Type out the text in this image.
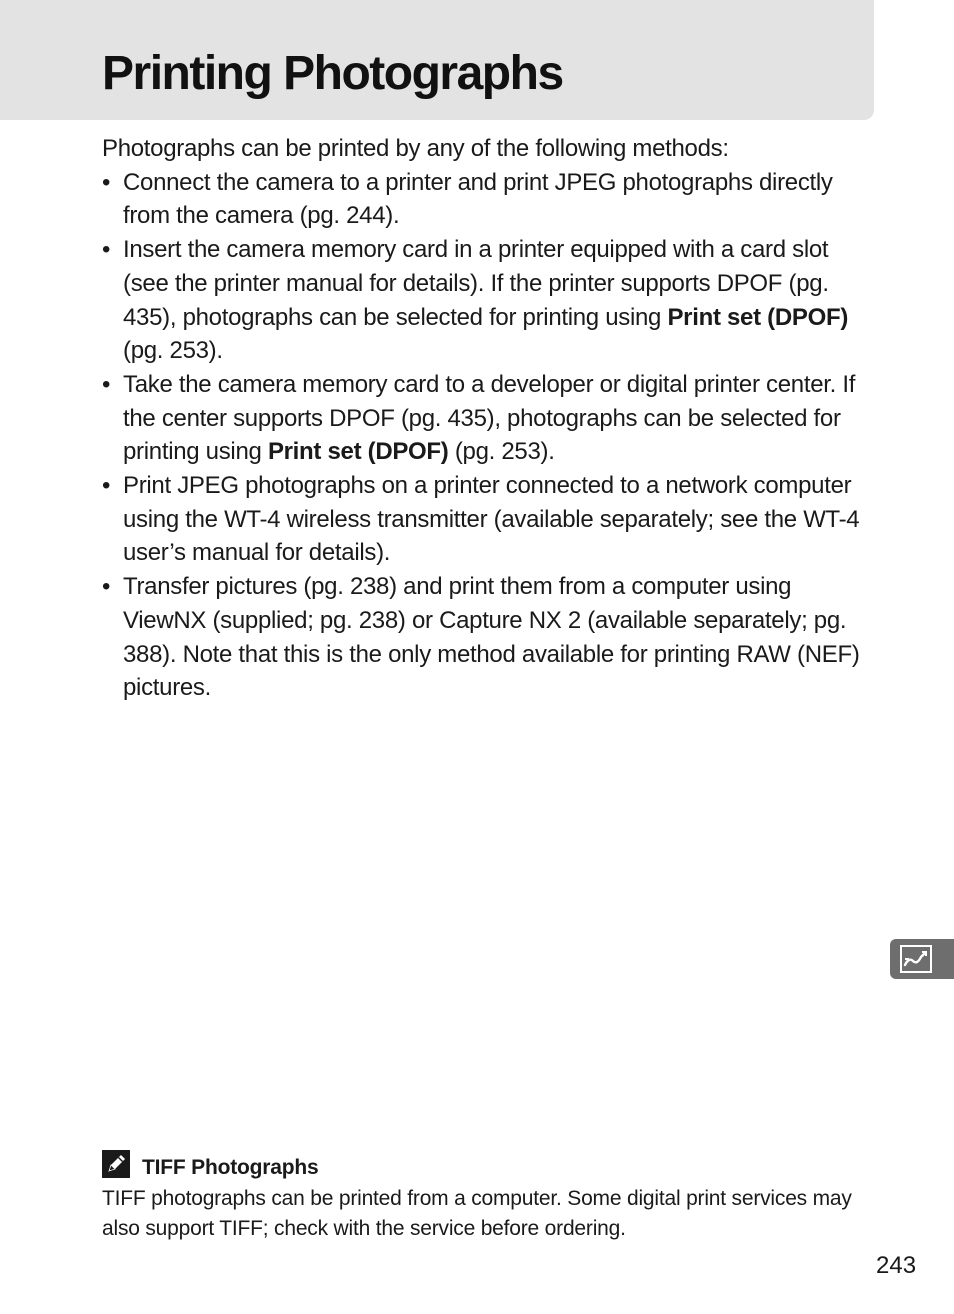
Printing Photographs

Photographs can be printed by any of the following methods:

• Connect the camera to a printer and print JPEG photographs directly from the camera (pg. 244).
• Insert the camera memory card in a printer equipped with a card slot (see the printer manual for details). If the printer supports DPOF (pg. 435), photographs can be selected for printing using Print set (DPOF) (pg. 253).
• Take the camera memory card to a developer or digital printer center. If the center supports DPOF (pg. 435), photographs can be selected for printing using Print set (DPOF) (pg. 253).
• Print JPEG photographs on a printer connected to a network computer using the WT-4 wireless transmitter (available separately; see the WT-4 user’s manual for details).
• Transfer pictures (pg. 238) and print them from a computer using ViewNX (supplied; pg. 238) or Capture NX 2 (available separately; pg. 388). Note that this is the only method available for printing RAW (NEF) pictures.
TIFF Photographs

TIFF photographs can be printed from a computer. Some digital print services may also support TIFF; check with the service before ordering.

243
